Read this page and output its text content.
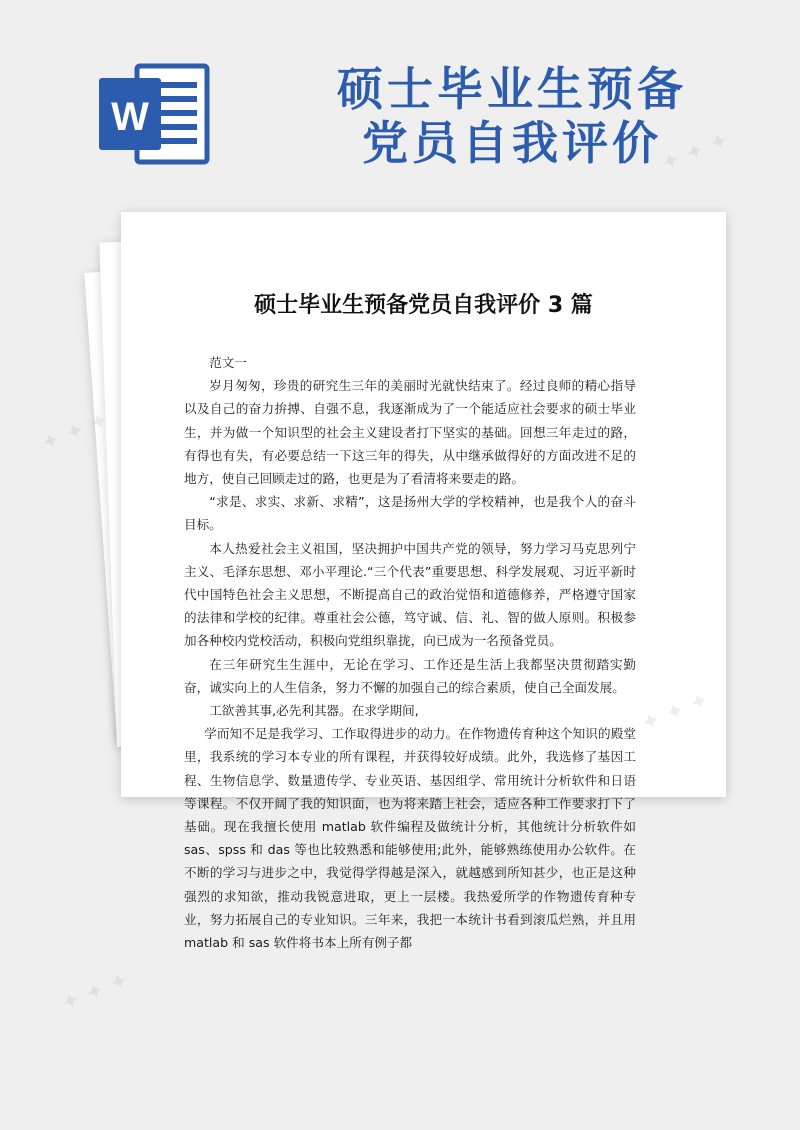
W
硕士毕业生预备
党员自我评价
硕士毕业生预备党员自我评价 3 篇

范文一

岁月匆匆，珍贵的研究生三年的美丽时光就快结束了。经过良师的精心指导以及自己的奋力拚搏、自强不息，我逐渐成为了一个能适应社会要求的硕士毕业生，并为做一个知识型的社会主义建设者打下坚实的基础。回想三年走过的路，有得也有失，有必要总结一下这三年的得失，从中继承做得好的方面改进不足的地方，使自己回顾走过的路，也更是为了看清将来要走的路。

“求是、求实、求新、求精”，这是扬州大学的学校精神，也是我个人的奋斗目标。

本人热爱社会主义祖国，坚决拥护中国共产党的领导，努力学习马克思列宁主义、毛泽东思想、邓小平理论.“三个代表”重要思想、科学发展观、习近平新时代中国特色社会主义思想，不断提高自己的政治觉悟和道德修养，严格遵守国家的法律和学校的纪律。尊重社会公德，笃守诚、信、礼、智的做人原则。积极参加各种校内党校活动，积极向党组织靠拢，向已成为一名预备党员。

在三年研究生生涯中，无论在学习、工作还是生活上我都坚决贯彻踏实勤奋，诚实向上的人生信条，努力不懈的加强自己的综合素质，使自己全面发展。

工欲善其事,必先利其器。在求学期间,

学而知不足是我学习、工作取得进步的动力。在作物遗传育种这个知识的殿堂里，我系统的学习本专业的所有课程，并获得较好成绩。此外，我选修了基因工程、生物信息学、数量遗传学、专业英语、基因组学、常用统计分析软件和日语等课程。不仅开阔了我的知识面，也为将来踏上社会，适应各种工作要求打下了基础。现在我擅长使用 matlab 软件编程及做统计分析，其他统计分析软件如 sas、spss 和 das 等也比较熟悉和能够使用;此外，能够熟练使用办公软件。在不断的学习与进步之中，我觉得学得越是深入，就越感到所知甚少，也正是这种强烈的求知欲，推动我锐意进取，更上一层楼。我热爱所学的作物遗传育种专业，努力拓展自己的专业知识。三年来，我把一本统计书看到滚瓜烂熟，并且用 matlab 和 sas 软件将书本上所有例子都

✦ ✦ ✦
✦ ✦ ✦
✦ ✦ ✦
